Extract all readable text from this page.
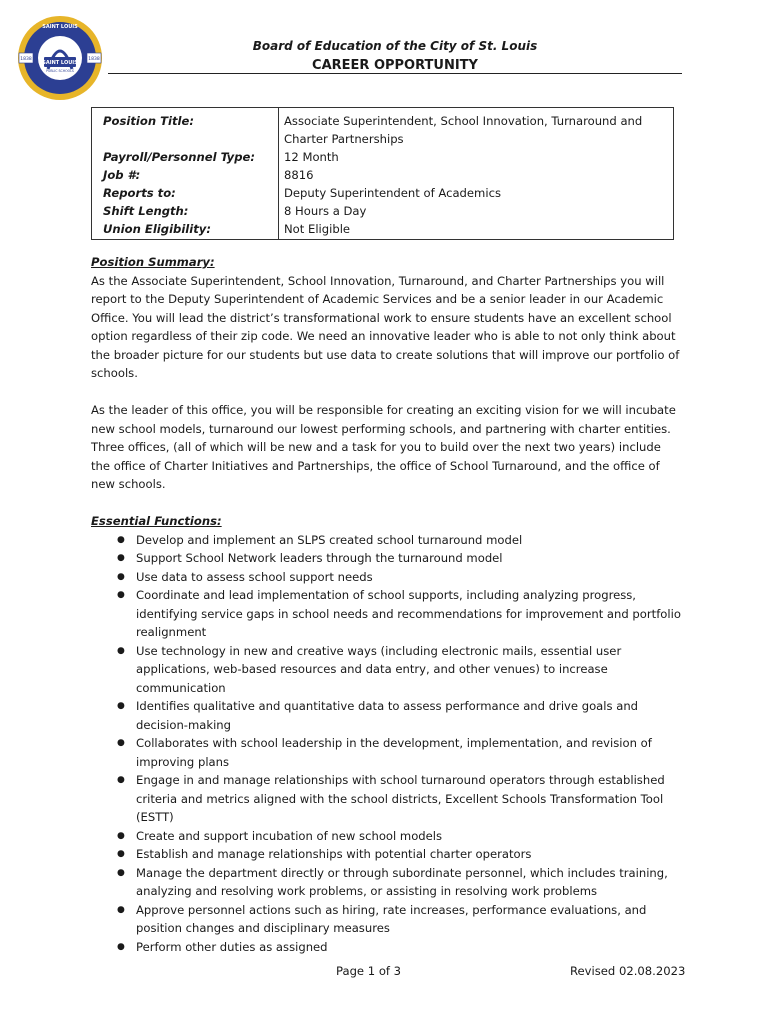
SAINT LOUIS
PUBLIC SCHOOLS
SAINT LOUIS
1838	1838
Board of Education of the City of St. Louis
CAREER OPPORTUNITY
Position Title:	Associate Superintendent, School Innovation, Turnaround and
Charter Partnerships
Payroll/Personnel Type:	12 Month
Job #:	8816
Reports to:	Deputy Superintendent of Academics
Shift Length:	8 Hours a Day
Union Eligibility:	Not Eligible

Position Summary:

As the Associate Superintendent, School Innovation, Turnaround, and Charter Partnerships you will report to the Deputy Superintendent of Academic Services and be a senior leader in our Academic Office. You will lead the district’s transformational work to ensure students have an excellent school option regardless of their zip code. We need an innovative leader who is able to not only think about the broader picture for our students but use data to create solutions that will improve our portfolio of schools.

As the leader of this office, you will be responsible for creating an exciting vision for we will incubate new school models, turnaround our lowest performing schools, and partnering with charter entities. Three offices, (all of which will be new and a task for you to build over the next two years) include the office of Charter Initiatives and Partnerships, the office of School Turnaround, and the office of new schools.

Essential Functions:

● Develop and implement an SLPS created school turnaround model
● Support School Network leaders through the turnaround model
● Use data to assess school support needs
● Coordinate and lead implementation of school supports, including analyzing progress, identifying service gaps in school needs and recommendations for improvement and portfolio realignment
● Use technology in new and creative ways (including electronic mails, essential user applications, web-based resources and data entry, and other venues) to increase communication
● Identifies qualitative and quantitative data to assess performance and drive goals and decision-making
● Collaborates with school leadership in the development, implementation, and revision of improving plans
● Engage in and manage relationships with school turnaround operators through established criteria and metrics aligned with the school districts, Excellent Schools Transformation Tool (ESTT)
● Create and support incubation of new school models
● Establish and manage relationships with potential charter operators
● Manage the department directly or through subordinate personnel, which includes training, analyzing and resolving work problems, or assisting in resolving work problems
● Approve personnel actions such as hiring, rate increases, performance evaluations, and position changes and disciplinary measures
● Perform other duties as assigned
Page 1 of 3	Revised 02.08.2023
